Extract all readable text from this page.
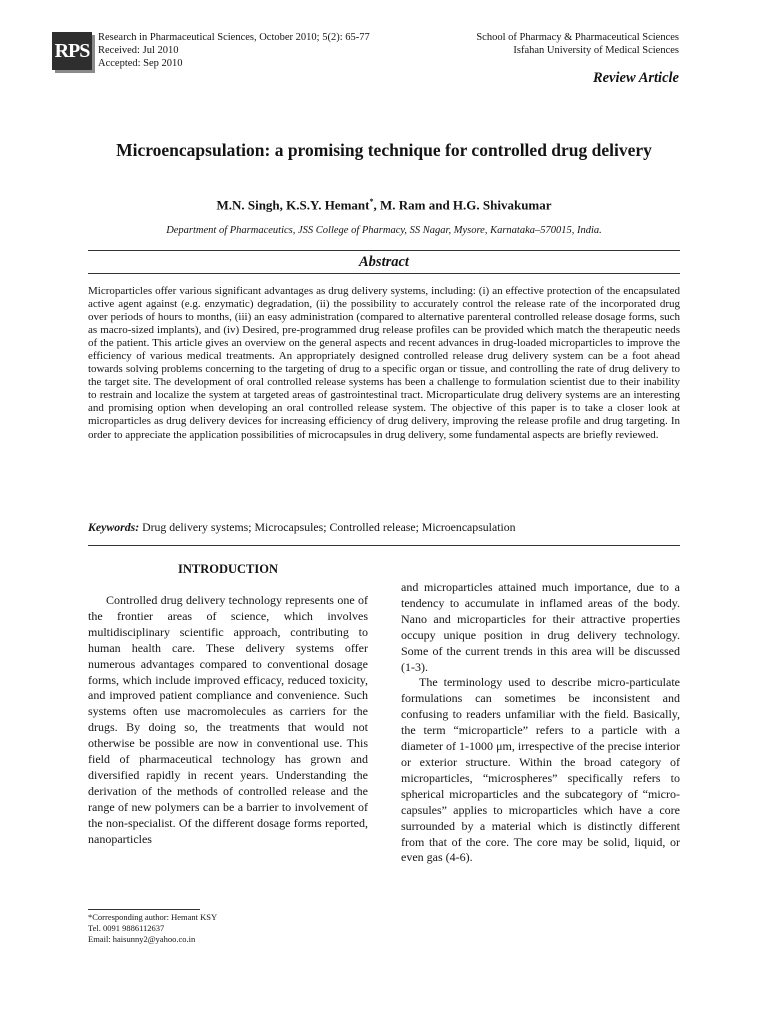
RPS
Research in Pharmaceutical Sciences, October 2010; 5(2): 65-77
Received: Jul 2010
Accepted: Sep 2010
School of Pharmacy & Pharmaceutical Sciences
Isfahan University of Medical Sciences
Review Article
Microencapsulation: a promising technique for controlled drug delivery
M.N. Singh, K.S.Y. Hemant*, M. Ram and H.G. Shivakumar
Department of Pharmaceutics, JSS College of Pharmacy, SS Nagar, Mysore, Karnataka–570015, India.
Abstract
Microparticles offer various significant advantages as drug delivery systems, including: (i) an effective protection of the encapsulated active agent against (e.g. enzymatic) degradation, (ii) the possibility to accurately control the release rate of the incorporated drug over periods of hours to months, (iii) an easy administration (compared to alternative parenteral controlled release dosage forms, such as macro-sized implants), and (iv) Desired, pre-programmed drug release profiles can be provided which match the therapeutic needs of the patient. This article gives an overview on the general aspects and recent advances in drug-loaded microparticles to improve the efficiency of various medical treatments. An appropriately designed controlled release drug delivery system can be a foot ahead towards solving problems concerning to the targeting of drug to a specific organ or tissue, and controlling the rate of drug delivery to the target site. The development of oral controlled release systems has been a challenge to formulation scientist due to their inability to restrain and localize the system at targeted areas of gastrointestinal tract. Microparticulate drug delivery systems are an interesting and promising option when developing an oral controlled release system. The objective of this paper is to take a closer look at microparticles as drug delivery devices for increasing efficiency of drug delivery, improving the release profile and drug targeting. In order to appreciate the application possibilities of microcapsules in drug delivery, some fundamental aspects are briefly reviewed.
Keywords: Drug delivery systems; Microcapsules; Controlled release; Microencapsulation
INTRODUCTION

Controlled drug delivery technology represents one of the frontier areas of science, which involves multidisciplinary scientific approach, contributing to human health care. These delivery systems offer numerous advantages compared to conventional dosage forms, which include improved efficacy, reduced toxicity, and improved patient compliance and convenience. Such systems often use macromolecules as carriers for the drugs. By doing so, the treatments that would not otherwise be possible are now in conventional use. This field of pharmaceutical technology has grown and diversified rapidly in recent years. Understanding the derivation of the methods of controlled release and the range of new polymers can be a barrier to involvement of the non-specialist. Of the different dosage forms reported, nanoparticles

and microparticles attained much importance, due to a tendency to accumulate in inflamed areas of the body. Nano and microparticles for their attractive properties occupy unique position in drug delivery technology. Some of the current trends in this area will be discussed (1-3).

The terminology used to describe micro-particulate formulations can sometimes be inconsistent and confusing to readers unfamiliar with the field. Basically, the term “microparticle” refers to a particle with a diameter of 1-1000 μm, irrespective of the precise interior or exterior structure. Within the broad category of microparticles, “microspheres” specifically refers to spherical microparticles and the subcategory of “micro-capsules” applies to microparticles which have a core surrounded by a material which is distinctly different from that of the core. The core may be solid, liquid, or even gas (4-6).

*Corresponding author: Hemant KSY
Tel. 0091 9886112637
Email: haisunny2@yahoo.co.in
